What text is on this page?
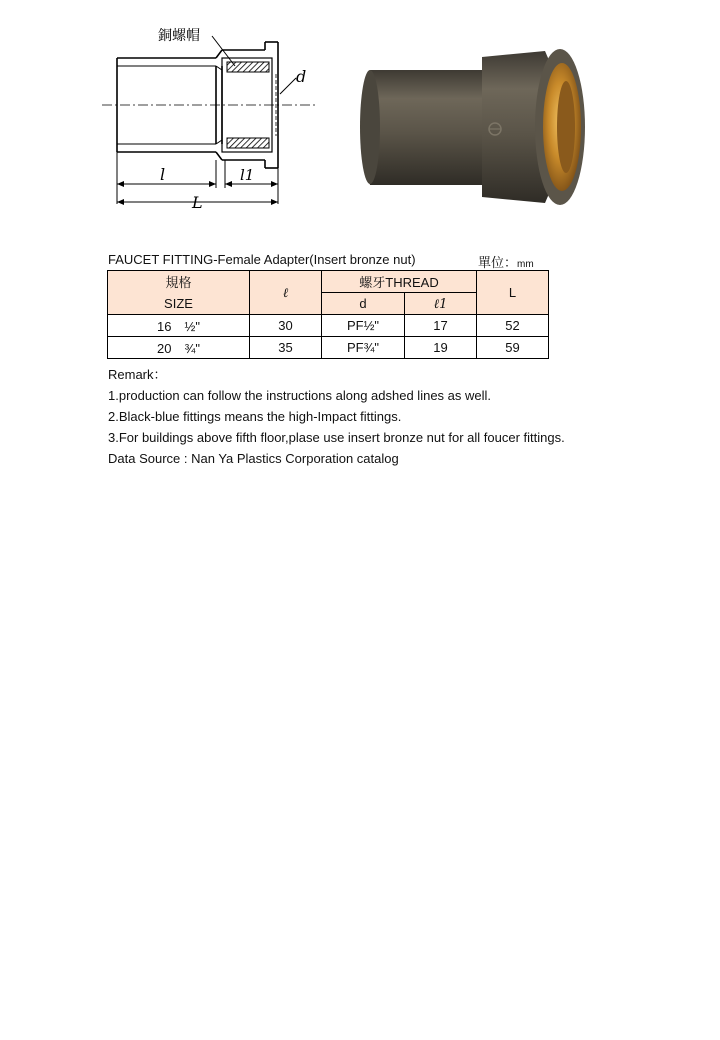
銅螺帽
d
l	l1
L
FAUCET FITTING-Female Adapter(Insert bronze nut)	單位：mm
規格
SIZE	ℓ	螺牙THREAD		L
		d	ℓ1	
16　½"	30	PF½"	17	52
20　¾"	35	PF¾"	19	59
Remark：
1.production can follow the instructions along adshed lines as well.
2.Black-blue fittings means the high-Impact fittings.
3.For buildings above fifth floor,plase use insert bronze nut for all foucer fittings.
Data Source : Nan Ya Plastics Corporation catalog
